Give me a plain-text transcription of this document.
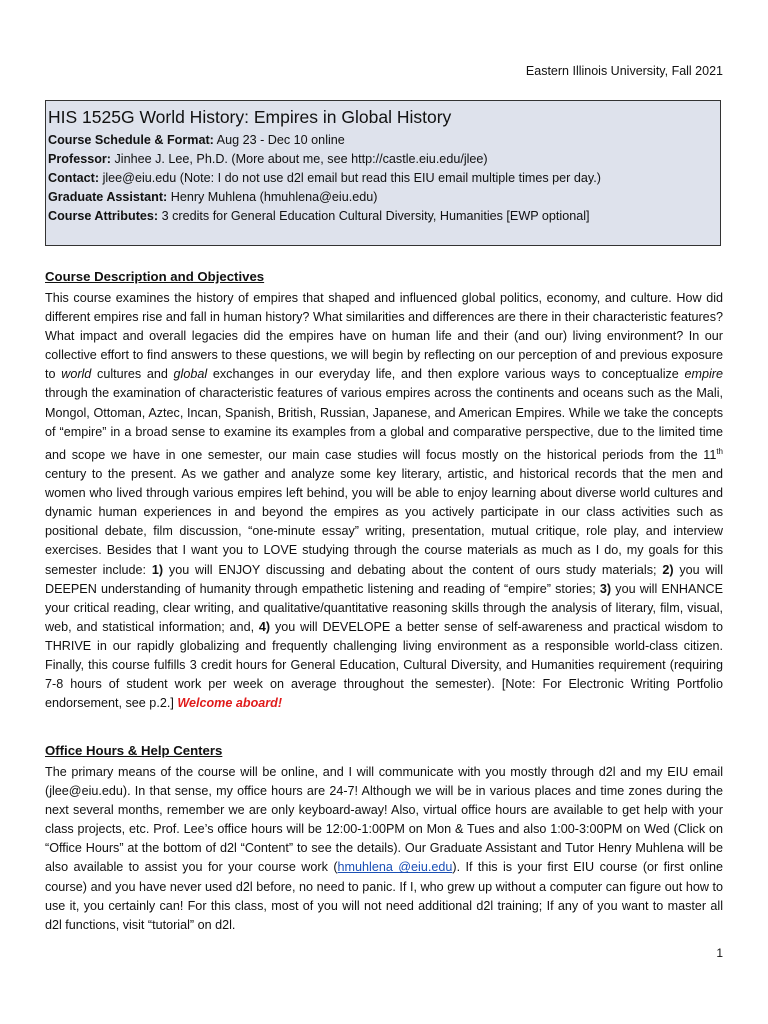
Eastern Illinois University, Fall 2021
HIS 1525G World History: Empires in Global History
Course Schedule & Format: Aug 23 - Dec 10 online
Professor: Jinhee J. Lee, Ph.D. (More about me, see http://castle.eiu.edu/jlee)
Contact: jlee@eiu.edu (Note: I do not use d2l email but read this EIU email multiple times per day.)
Graduate Assistant: Henry Muhlena (hmuhlena@eiu.edu)
Course Attributes: 3 credits for General Education Cultural Diversity, Humanities [EWP optional]
Course Description and Objectives

This course examines the history of empires that shaped and influenced global politics, economy, and culture. How did different empires rise and fall in human history? What similarities and differences are there in their characteristic features? What impact and overall legacies did the empires have on human life and their (and our) living environment? In our collective effort to find answers to these questions, we will begin by reflecting on our perception of and previous exposure to world cultures and global exchanges in our everyday life, and then explore various ways to conceptualize empire through the examination of characteristic features of various empires across the continents and oceans such as the Mali, Mongol, Ottoman, Aztec, Incan, Spanish, British, Russian, Japanese, and American Empires. While we take the concepts of “empire” in a broad sense to examine its examples from a global and comparative perspective, due to the limited time and scope we have in one semester, our main case studies will focus mostly on the historical periods from the 11th century to the present. As we gather and analyze some key literary, artistic, and historical records that the men and women who lived through various empires left behind, you will be able to enjoy learning about diverse world cultures and dynamic human experiences in and beyond the empires as you actively participate in our class activities such as positional debate, film discussion, “one-minute essay” writing, presentation, mutual critique, role play, and interview exercises. Besides that I want you to LOVE studying through the course materials as much as I do, my goals for this semester include: 1) you will ENJOY discussing and debating about the content of ours study materials; 2) you will DEEPEN understanding of humanity through empathetic listening and reading of “empire” stories; 3) you will ENHANCE your critical reading, clear writing, and qualitative/quantitative reasoning skills through the analysis of literary, film, visual, web, and statistical information; and, 4) you will DEVELOPE a better sense of self-awareness and practical wisdom to THRIVE in our rapidly globalizing and frequently challenging living environment as a responsible world-class citizen. Finally, this course fulfills 3 credit hours for General Education, Cultural Diversity, and Humanities requirement (requiring 7-8 hours of student work per week on average throughout the semester). [Note: For Electronic Writing Portfolio endorsement, see p.2.] Welcome aboard!

Office Hours & Help Centers

The primary means of the course will be online, and I will communicate with you mostly through d2l and my EIU email (jlee@eiu.edu). In that sense, my office hours are 24-7! Although we will be in various places and time zones during the next several months, remember we are only keyboard-away! Also, virtual office hours are available to get help with your class projects, etc. Prof. Lee’s office hours will be 12:00-1:00PM on Mon & Tues and also 1:00-3:00PM on Wed (Click on “Office Hours” at the bottom of d2l “Content” to see the details). Our Graduate Assistant and Tutor Henry Muhlena will be also available to assist you for your course work (hmuhlena @eiu.edu). If this is your first EIU course (or first online course) and you have never used d2l before, no need to panic. If I, who grew up without a computer can figure out how to use it, you certainly can! For this class, most of you will not need additional d2l training; If any of you want to master all d2l functions, visit “tutorial” on d2l.

1
